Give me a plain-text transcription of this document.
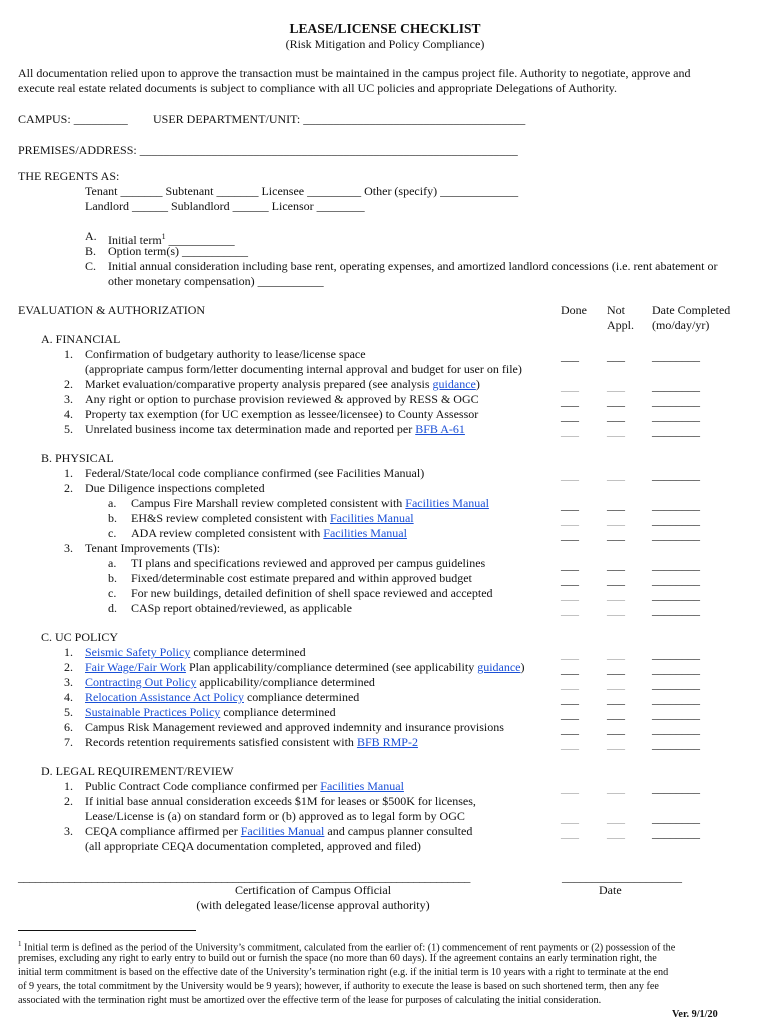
LEASE/LICENSE CHECKLIST
(Risk Mitigation and Policy Compliance)
All documentation relied upon to approve the transaction must be maintained in the campus project file. Authority to negotiate, approve and
execute real estate related documents is subject to compliance with all UC policies and appropriate Delegations of Authority.
CAMPUS: _________ USER DEPARTMENT/UNIT: _____________________________________
PREMISES/ADDRESS: _______________________________________________________________
THE REGENTS AS:
Tenant _______ Subtenant _______ Licensee _________ Other (specify) _____________
Landlord ______ Sublandlord ______ Licensor ________
A. Initial term$^1$ ___________
B. Option term(s) ___________
C. Initial annual consideration including base rent, operating expenses, and amortized landlord concessions (i.e. rent abatement or
other monetary compensation) ___________
EVALUATION & AUTHORIZATION	Done Not
Appl.
Date Completed
(mo/day/yr)
A. FINANCIAL
1. Confirmation of budgetary authority to lease/license space
(appropriate campus form/letter documenting internal approval and budget for user on file)
2. Market evaluation/comparative property analysis prepared (see analysis guidance)
3. Any right or option to purchase provision reviewed & approved by RESS & OGC
4. Property tax exemption (for UC exemption as lessee/licensee) to County Assessor
5. Unrelated business income tax determination made and reported per BFB A-61
B. PHYSICAL
1. Federal/State/local code compliance confirmed (see Facilities Manual)
2. Due Diligence inspections completed
a. Campus Fire Marshall review completed consistent with Facilities Manual
b. EH&S review completed consistent with Facilities Manual
c. ADA review completed consistent with Facilities Manual
3. Tenant Improvements (TIs):
a. TI plans and specifications reviewed and approved per campus guidelines
b. Fixed/determinable cost estimate prepared and within approved budget
c. For new buildings, detailed definition of shell space reviewed and accepted
d. CASp report obtained/reviewed, as applicable
C. UC POLICY
1. Seismic Safety Policy compliance determined
2. Fair Wage/Fair Work Plan applicability/compliance determined (see applicability guidance)
3. Contracting Out Policy applicability/compliance determined
4. Relocation Assistance Act Policy compliance determined
5. Sustainable Practices Policy compliance determined
6. Campus Risk Management reviewed and approved indemnity and insurance provisions
7. Records retention requirements satisfied consistent with BFB RMP-2
D. LEGAL REQUIREMENT/REVIEW
1. Public Contract Code compliance confirmed per Facilities Manual
2. If initial base annual consideration exceeds $1M for leases or $500K for licenses,
Lease/License is (a) on standard form or (b) approved as to legal form by OGC
3. CEQA compliance affirmed per Facilities Manual and campus planner consulted
(all appropriate CEQA documentation completed, approved and filed)
___ ___ ________
___ ___ ________
___ ___ ________
___ ___ ________
___ ___ ________
___ ___ ________
___ ___ ________
___ ___ ________
___ ___ ________
___ ___ ________
___ ___ ________
___ ___ ________
___ ___ ________
___ ___ ________
___ ___ ________
___ ___ ________
___ ___ ________
___ ___ ________
___ ___ ________
___ ___ ________
___ ___ ________
___ ___ ________
___ ___ ________
________________________________________________________________________________	____________________
Certification of Campus Official
(with delegated lease/license approval authority)
Date
$^1$ Initial term is defined as the period of the University’s commitment, calculated from the earlier of: (1) commencement of rent payments or (2) possession of the
premises, excluding any right to early entry to build out or furnish the space (no more than 60 days). If the agreement contains an early termination right, the
initial term commitment is based on the effective date of the University’s termination right (e.g. if the initial term is 10 years with a right to terminate at the end
of 9 years, the total commitment by the University would be 9 years); however, if authority to execute the lease is based on such shortened term, then any fee
associated with the termination right must be amortized over the effective term of the lease for purposes of calculating the initial consideration.
Ver. 9/1/20
